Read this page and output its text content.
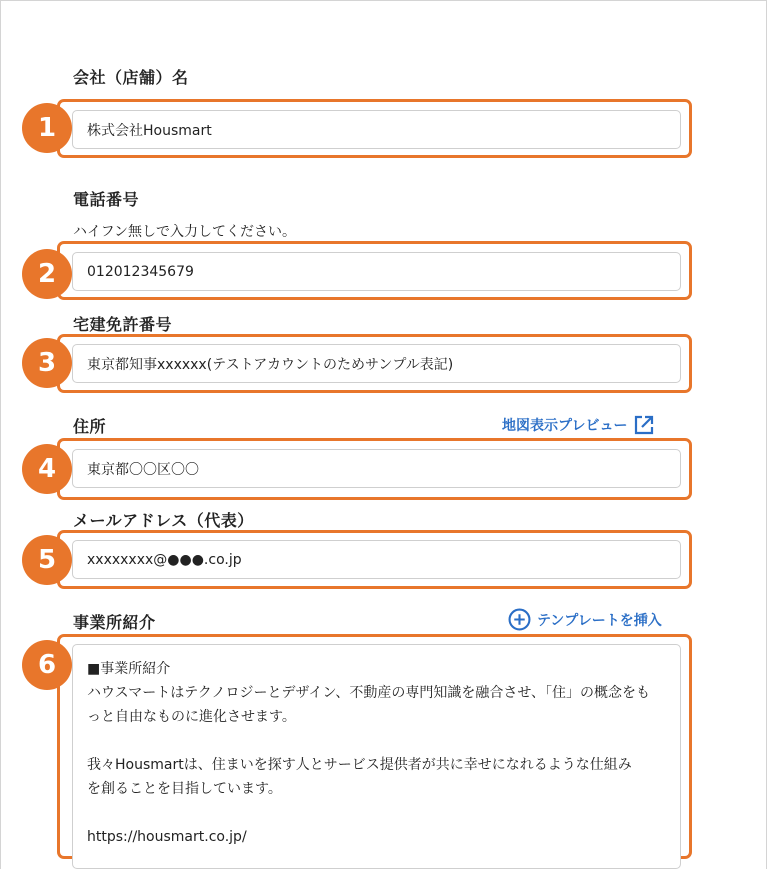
会社（店舗）名
株式会社Housmart
1
電話番号
ハイフン無しで入力してください。
012012345679
2
宅建免許番号
東京都知事xxxxxx(テストアカウントのためサンプル表記)
3
住所	地図表示プレビュー
東京都〇〇区〇〇
4
メールアドレス（代表）
xxxxxxxx@●●●.co.jp
5
事業所紹介	テンプレートを挿入

■事業所紹介

ハウスマートはテクノロジーとデザイン、不動産の専門知識を融合させ、「住」の概念をも

っと自由なものに進化させます。

我々Housmartは、住まいを探す人とサービス提供者が共に幸せになれるような仕組み

を創ることを目指しています。

https://housmart.co.jp/

6
